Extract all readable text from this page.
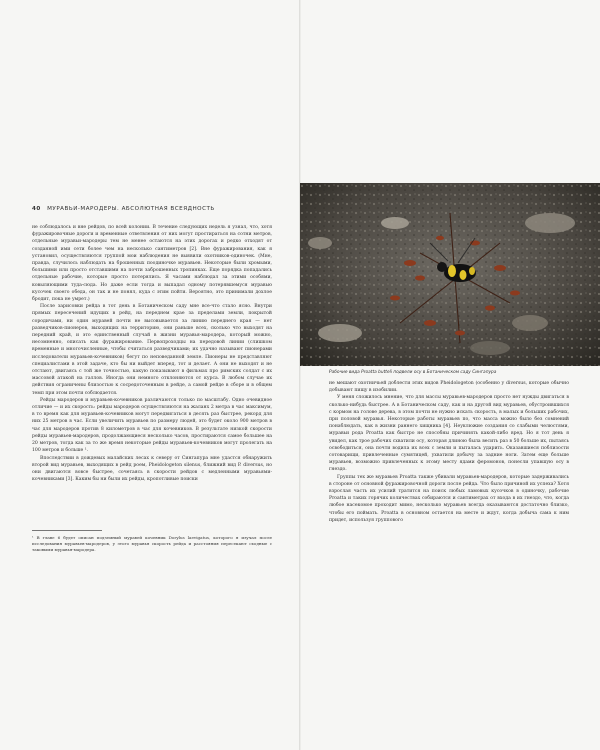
40 МУРАВЬИ-МАРОДЕРЫ. АБСОЛЮТНАЯ ВСЕЯДНОСТЬ

не соблюдалось и вне рейдов, по всей колонии. В течение следующих недель я узнал, что, хотя фуражировочные дороги и временные ответвления от них могут простираться на сотни метров, отдельные муравьи-мародеры тем не менее остаются на этих дорогах и редко отходят от созданной ими сети более чем на несколько сантиметров [2]. Вне фуражирования, как я установил, осуществляются группой мои наблюдения не выявили охотников-одиночек. (Мне, правда, случилось наблюдать на брошенных поодиночке муравьев. Некоторые были хромыми, большими или просто отставшими на почти заброшенных тропинках. Еще порядка попадались отдельные рабочие, которые просто потерялись. Я часами наблюдал за этими особями, ковыляющими туда-сюда. Но даже если тогда и выпадал одному потерявшемуся муравью кусочек своего обеда, он так и не понял, куда с этим пойти. Вероятно, это принимали дохлое бродит, пока не умрет.)

После зарисовки рейда в тот день в Ботаническом саду мне все-что стало ясно. Внутри прямых пересечений идущих в рейд, на переднем крае за пределами земли, покрытой сородичами, ни один муравей почти не высовывается за линию переднего края — нет разведчиков-пионеров, выходящих на территорию, они раньше всех, сколько что выходят на передний край, и это единственный случай в жизни муравья-мародера, который можно, несомненно, описать как фуражирование. Первопроходцы на передовой линии (слишком временные и многочисленные, чтобы считаться разведчиками; их удачно называют пионерами исследователи муравьев-кочевников) бегут по неповеданной земле. Пионеры не представляют специалистами в этой задаче, кто бы ни выйдет вперед, тот и делает. А они не выходят и не отстают, двигаясь с той же точностью, какую показывают в фильмах про римских солдат с их массовой атакой на галлов. Иногда они немного отклоняются от курса. В любом случае их действия ограничены близостью к сосредоточенным в рейде, а самой рейде в сборе и в общем темп при этом почти соблюдается.

Рейды мародеров и муравьев-кочевников различаются только по масштабу. Одно очевидное отличие — и их скорость: рейды мародеров осуществляются на жаланх 2 метра в час максимум, в то время как для муравьев-кочевников могут передвигаться в десять раз быстрее, рекорд для них 25 метров в час. Если увеличить муравьев по размеру людей, это будет около 900 метров в час для мародеров против 8 километров в час для кочевников. В результате низкой скорости рейды муравьев-мародеров, продолжающиеся несколько часов, простираются самое большее на 20 метров, тогда как за то же время некоторые рейды муравьев-кочевников могут пролегать на 100 метров и больше ¹.

Впоследствии в дождевых малайских лесах к северу от Сингапура мне удастся обнаружить второй вид муравьев, выходящих в рейд роем, Pheidologeton silenus, ближний вид P. diversus, но они двигаются вовсе быстрее, сочетаясь в скорости рейдов с медленными муравьями-кочевниками [3]. Каким бы ни были их рейды, кропотливые поиски

¹ В главе 6 будет описан подземный муравей кочевник Dorylus laevigatus, которого я изучал после исследования муравьев-мародеров, у этого муравья скорость рейда и расстояния пересекают сходные с таковыми муравья-мародера.
Рабочие вида Proatta butteli подвели осу в Ботаническом саду Сингапура

не мешают охотничьей доблести этих видов Pheidologeton (особенно у diversus, которые обычно добывают пищу в изобилии.

У меня сложилось мнение, что для массы муравьев-мародеров просто нет нужды двигаться в сколько-нибудь быстрее. А в Ботаническом саду, как и на другой вид муравьев, обустроившихся с кормом на голове дерева, в этом почти не нужно искать скорость, в малых и больших рабочих, при половой муравья. Некоторые работы муравьев по, что масса можно было без сомнений понаблюдать, как в жизни раннего хищника [4]. Неуклюжие создания со слабыми челюстями, муравьи рода Proatta как быстро не способны причинять какой-либо вред. Но я тот день я увидел, как трое рабочих схватили осу, которая длиною была весить раз в 50 больше их, пытаясь освободиться, она почти водила их всех с земли и пыталась ударить. Оказавшиеся поблизости сотоварищи, привлеченные сумятицей, ухватили добычу за задние ноги. Затем еще больше муравьев, возможно привлеченных к этому месту ядами феромонов, понесли упавшую осу в гнездо.

Группы тех же муравьев Proatta также убивали муравьев-мародеров, которые задерживались в стороне от основной фуражировочной дороги после рейда. Что было причиной их успеха? Хотя взрослая часть их усилий тратится на поиск любых ламовых кусочков в одиночку, рабочие Proatta и таких горячих количествах собираются и сантиметрах от входа в их гнездо, что, когда любое насекомое проходит мимо, несколько муравьев всегда оказываются достаточно близко, чтобы его поймать. Proatta в основном остается на месте и ждут, когда добыча сама к ним придет, используя группового
